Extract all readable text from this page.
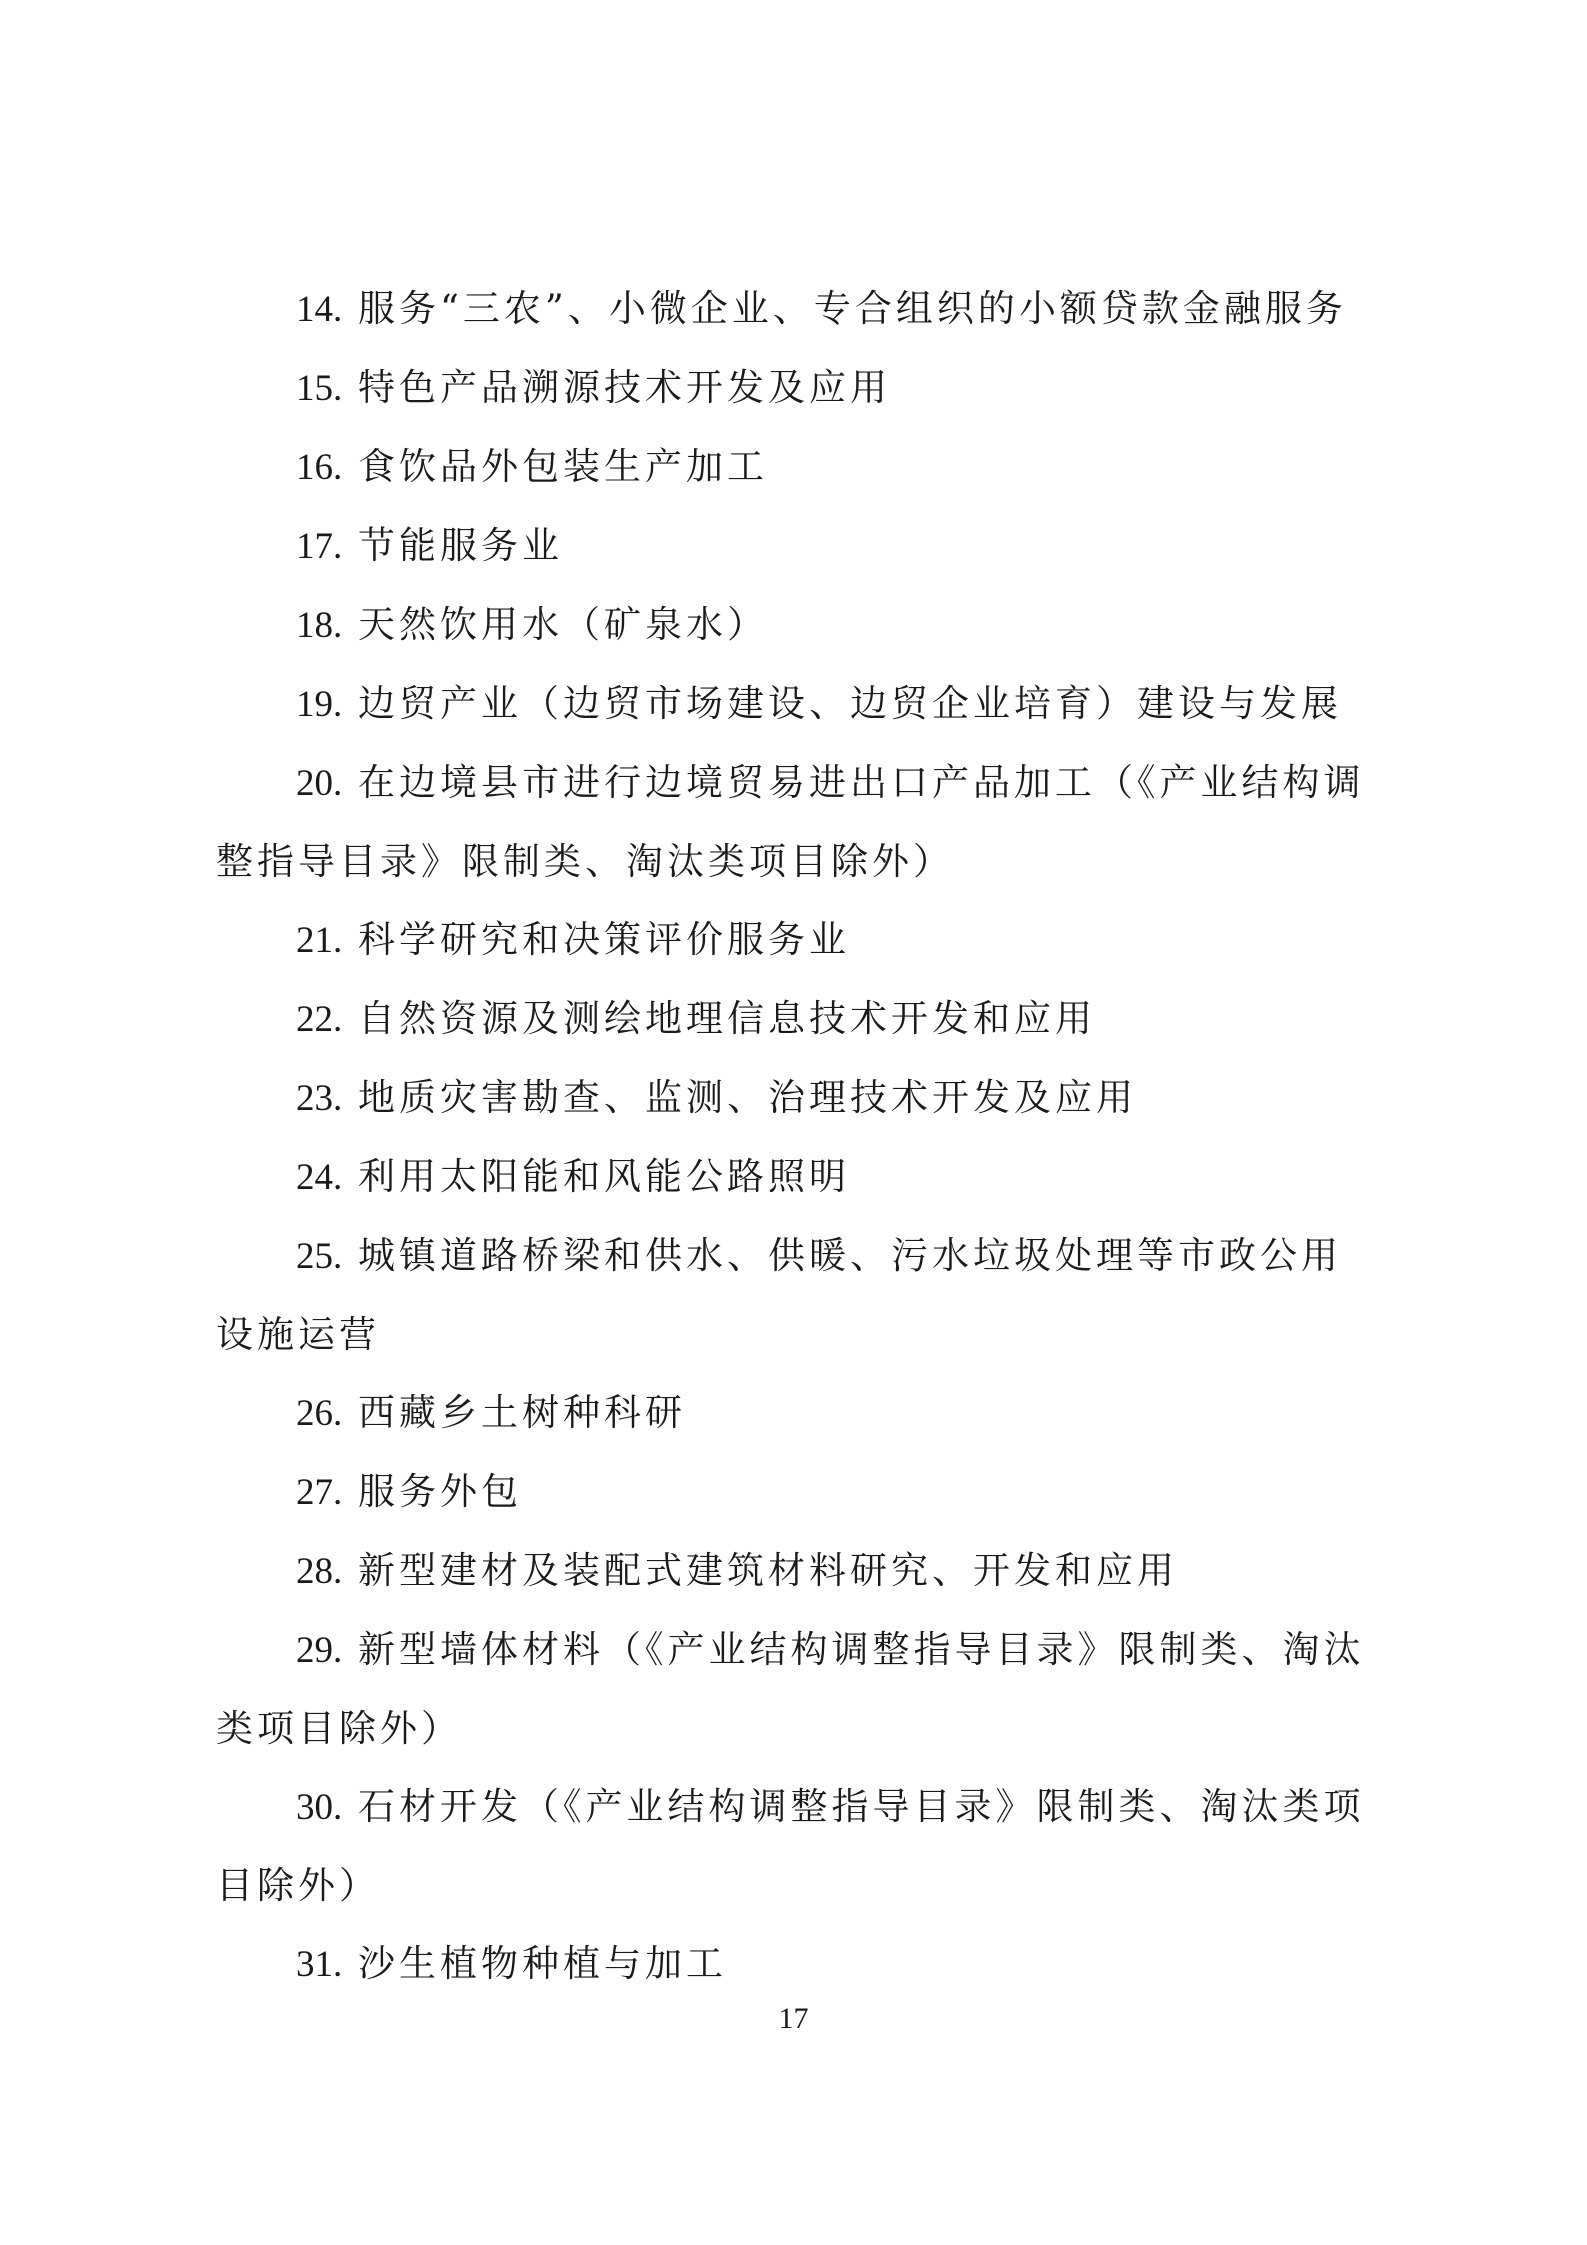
14. 服务“三农”、小微企业、专合组织的小额贷款金融服务

15. 特色产品溯源技术开发及应用

16. 食饮品外包装生产加工

17. 节能服务业

18. 天然饮用水（矿泉水）

19. 边贸产业（边贸市场建设、边贸企业培育）建设与发展

20. 在边境县市进行边境贸易进出口产品加工（《产业结构调整指导目录》限制类、淘汰类项目除外）

21. 科学研究和决策评价服务业

22. 自然资源及测绘地理信息技术开发和应用

23. 地质灾害勘查、监测、治理技术开发及应用

24. 利用太阳能和风能公路照明

25. 城镇道路桥梁和供水、供暖、污水垃圾处理等市政公用设施运营

26. 西藏乡土树种科研

27. 服务外包

28. 新型建材及装配式建筑材料研究、开发和应用

29. 新型墙体材料（《产业结构调整指导目录》限制类、淘汰类项目除外）

30. 石材开发（《产业结构调整指导目录》限制类、淘汰类项目除外）

31. 沙生植物种植与加工

17
